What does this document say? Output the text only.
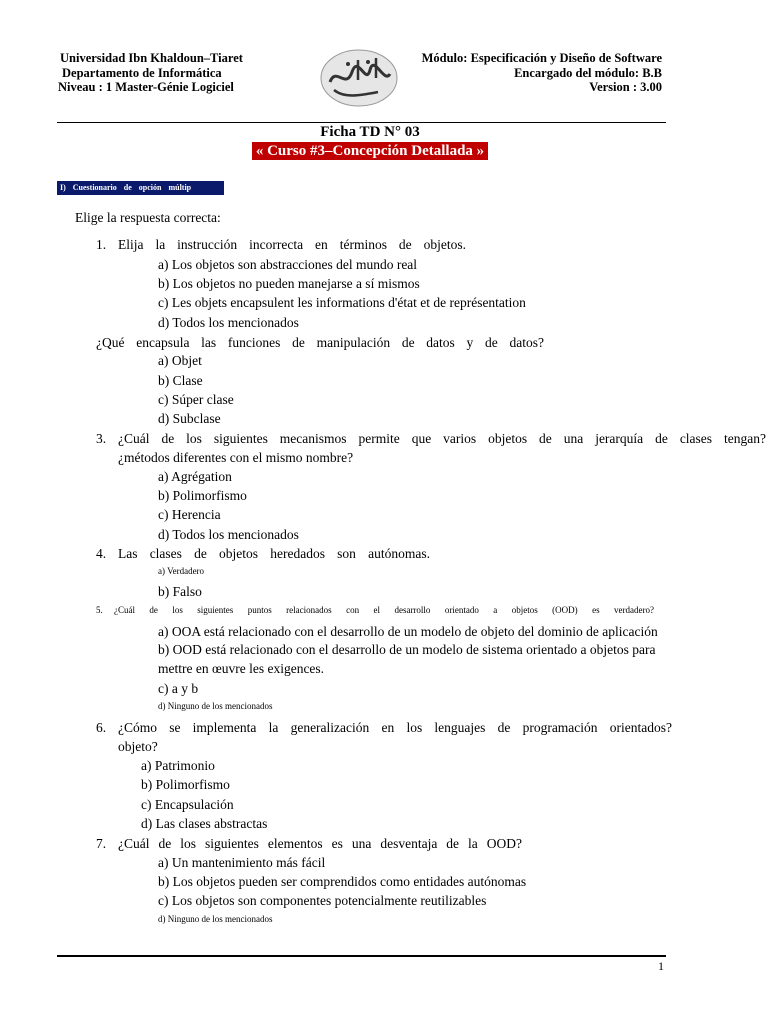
Universidad Ibn Khaldoun–Tiaret
Departamento de Informática
Niveau : 1 Master-Génie Logiciel
Módulo: Especificación y Diseño de Software
Encargado del módulo: B.B
Version : 3.00
Ficha TD N° 03
« Curso #3–Concepción Detallada »
I) Cuestionario de opción múltip
Elige la respuesta correcta:
1. Elija la instrucción incorrecta en términos de objetos.
a) Los objetos son abstracciones del mundo real
b) Los objetos no pueden manejarse a sí mismos
c) Les objets encapsulent les informations d'état et de représentation
d) Todos los mencionados
¿Qué encapsula las funciones de manipulación de datos y de datos?
a) Objet
b) Clase
c) Súper clase
d) Subclase
3. ¿Cuál de los siguientes mecanismos permite que varios objetos de una jerarquía de clases tengan?
¿métodos diferentes con el mismo nombre?
a) Agrégation
b) Polimorfismo
c) Herencia
d) Todos los mencionados
4. Las clases de objetos heredados son autónomas.
a) Verdadero
b) Falso
5. ¿Cuál de los siguientes puntos relacionados con el desarrollo orientado a objetos (OOD) es verdadero?
a) OOA está relacionado con el desarrollo de un modelo de objeto del dominio de aplicación
b) OOD está relacionado con el desarrollo de un modelo de sistema orientado a objetos para
mettre en œuvre les exigences.
c) a y b
d) Ninguno de los mencionados
6. ¿Cómo se implementa la generalización en los lenguajes de programación orientados?
objeto?
a) Patrimonio
b) Polimorfismo
c) Encapsulación
d) Las clases abstractas
7. ¿Cuál de los siguientes elementos es una desventaja de la OOD?
a) Un mantenimiento más fácil
b) Los objetos pueden ser comprendidos como entidades autónomas
c) Los objetos son componentes potencialmente reutilizables
d) Ninguno de los mencionados
1
